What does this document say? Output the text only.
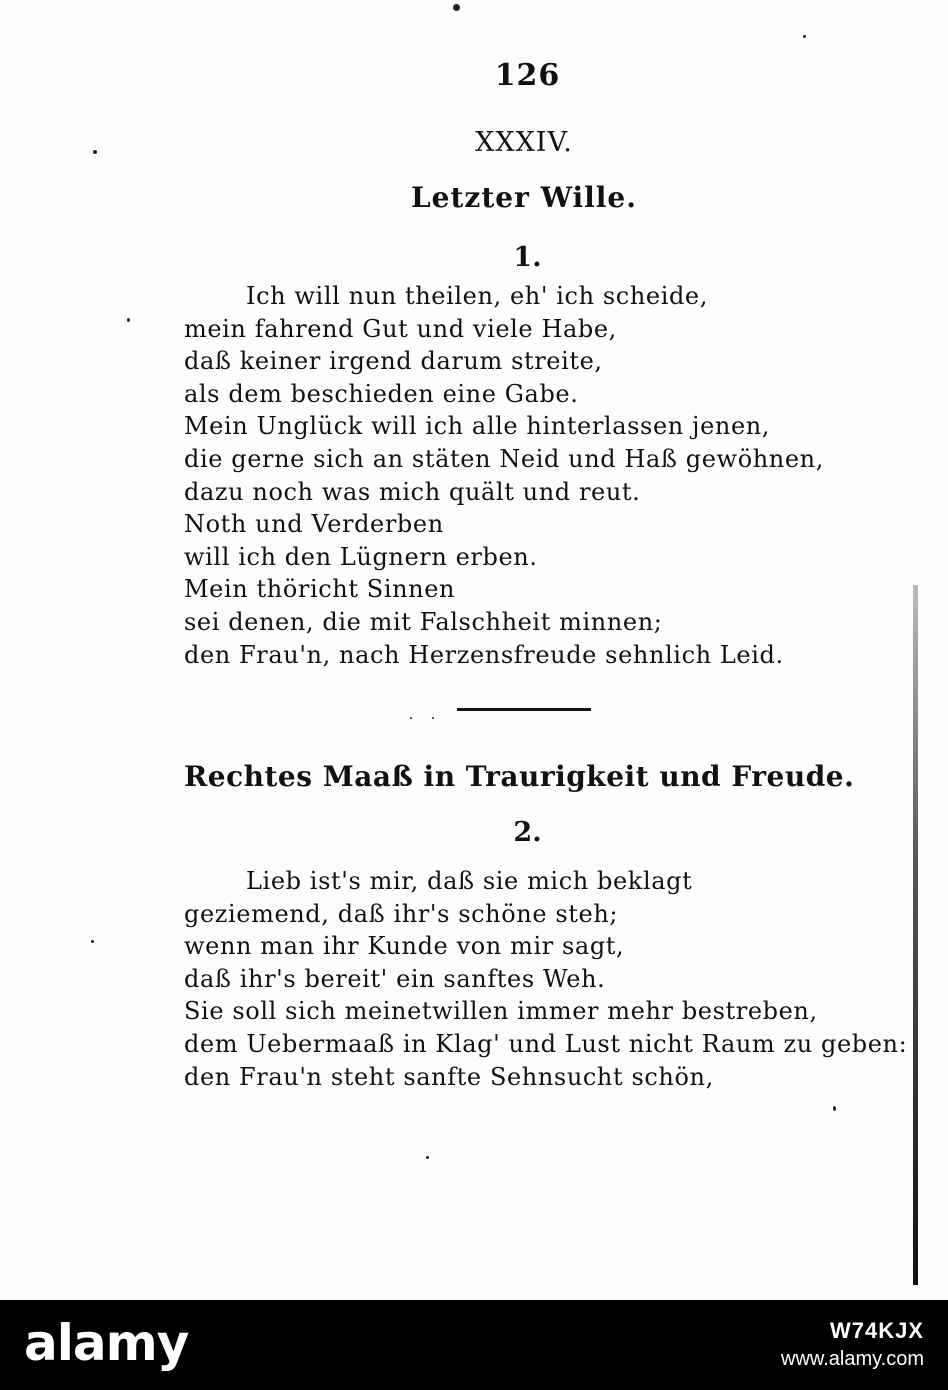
126
XXXIV.
Letzter Wille.
1.
Ich will nun theilen, eh' ich scheide,
mein fahrend Gut und viele Habe,
daß keiner irgend darum streite,
als dem beschieden eine Gabe.
Mein Unglück will ich alle hinterlassen jenen,
die gerne sich an stäten Neid und Haß gewöhnen,
dazu noch was mich quält und reut.
Noth und Verderben
will ich den Lügnern erben.
Mein thöricht Sinnen
sei denen, die mit Falschheit minnen;
den Frau'n, nach Herzensfreude sehnlich Leid.
Rechtes Maaß in Traurigkeit und Freude.
2.
Lieb ist's mir, daß sie mich beklagt
geziemend, daß ihr's schöne steh;
wenn man ihr Kunde von mir sagt,
daß ihr's bereit' ein sanftes Weh.
Sie soll sich meinetwillen immer mehr bestreben,
dem Uebermaaß in Klag' und Lust nicht Raum zu geben:
den Frau'n steht sanfte Sehnsucht schön,
alamy	W74KJX
www.alamy.com
